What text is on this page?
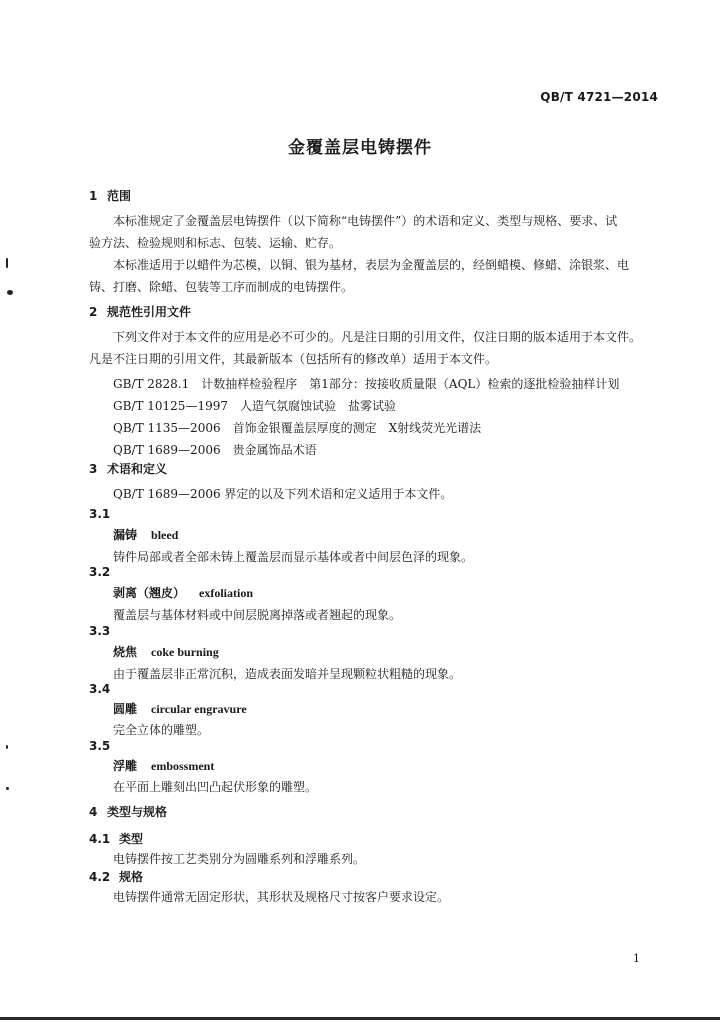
QB/T 4721—2014
金覆盖层电铸摆件
1 范围
本标准规定了金覆盖层电铸摆件（以下简称“电铸摆件”）的术语和定义、类型与规格、要求、试
验方法、检验规则和标志、包装、运输、贮存。
本标准适用于以蜡件为芯模，以铜、银为基材，表层为金覆盖层的，经倒蜡模、修蜡、涂银浆、电
铸、打磨、除蜡、包装等工序而制成的电铸摆件。
2 规范性引用文件
下列文件对于本文件的应用是必不可少的。凡是注日期的引用文件，仅注日期的版本适用于本文件。
凡是不注日期的引用文件，其最新版本（包括所有的修改单）适用于本文件。
GB/T 2828.1 计数抽样检验程序　第1部分：按接收质量限（AQL）检索的逐批检验抽样计划
GB/T 10125—1997 人造气氛腐蚀试验　盐雾试验
QB/T 1135—2006 首饰金银覆盖层厚度的测定　X射线荧光光谱法
QB/T 1689—2006 贵金属饰品术语
3 术语和定义
QB/T 1689—2006 界定的以及下列术语和定义适用于本文件。
3.1
漏铸 bleed
铸件局部或者全部未铸上覆盖层而显示基体或者中间层色泽的现象。
3.2
剥离（翘皮） exfoliation
覆盖层与基体材料或中间层脱离掉落或者翘起的现象。
3.3
烧焦 coke burning
由于覆盖层非正常沉积，造成表面发暗并呈现颗粒状粗糙的现象。
3.4
圆雕 circular engravure
完全立体的雕塑。
3.5
浮雕 embossment
在平面上雕刻出凹凸起伏形象的雕塑。
4 类型与规格
4.1 类型
电铸摆件按工艺类别分为圆雕系列和浮雕系列。
4.2 规格
电铸摆件通常无固定形状，其形状及规格尺寸按客户要求设定。
1
